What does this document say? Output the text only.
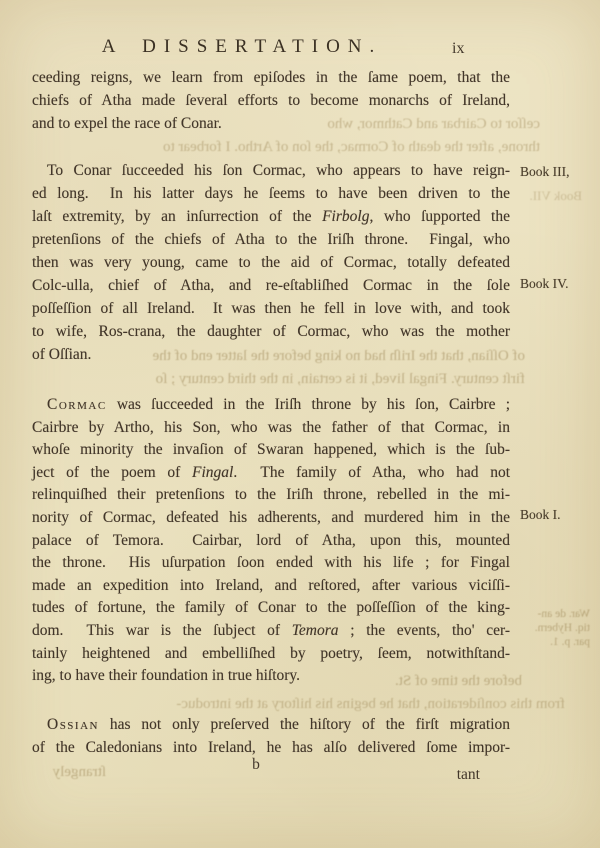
ceſſor to Cairbar and Cathmor, who
throne, after the death of Cormac, the ſon of Artho. I forbear to
Book VII.
of Oſſian, that the Iriſh had no king before the latter end of the
firſt century. Fingal lived, it is certain, in the third century ; ſo
War. de an-
tiq. Hybern.
par. p. 1.
before the time of St.
from this conſideration, that he begins his hiſtory at the introduc-
ſtrangely
A DISSERTATION.	ix
ceeding reigns, we learn from epiſodes in the ſame poem, that the
chiefs of Atha made ſeveral efforts to become monarchs of Ireland,
and to expel the race of Conar.
To Conar ſucceeded his ſon Cormac, who appears to have reign-
ed long.  In his latter days he ſeems to have been driven to the
laſt extremity, by an inſurrection of the Firbolg, who ſupported the
pretenſions of the chiefs of Atha to the Iriſh throne.  Fingal, who
then was very young, came to the aid of Cormac, totally defeated
Colc-ulla, chief of Atha, and re-eſtabliſhed Cormac in the ſole
poſſeſſion of all Ireland.  It was then he fell in love with, and took
to wife, Ros-crana, the daughter of Cormac, who was the mother
of Oſſian.
Cormac was ſucceeded in the Iriſh throne by his ſon, Cairbre ;
Cairbre by Artho, his Son, who was the father of that Cormac, in
whoſe minority the invaſion of Swaran happened, which is the ſub-
ject of the poem of Fingal.  The family of Atha, who had not
relinquiſhed their pretenſions to the Iriſh throne, rebelled in the mi-
nority of Cormac, defeated his adherents, and murdered him in the
palace of Temora.  Cairbar, lord of Atha, upon this, mounted
the throne.  His uſurpation ſoon ended with his life ; for Fingal
made an expedition into Ireland, and reſtored, after various viciſſi-
tudes of fortune, the family of Conar to the poſſeſſion of the king-
dom.  This war is the ſubject of Temora ; the events, tho' cer-
tainly heightened and embelliſhed by poetry, ſeem, notwithſtand-
ing, to have their foundation in true hiſtory.
Ossian has not only preſerved the hiſtory of the firſt migration
of the Caledonians into Ireland, he has alſo delivered ſome impor-
Book III,
Book IV.
Book I.
b
tant
